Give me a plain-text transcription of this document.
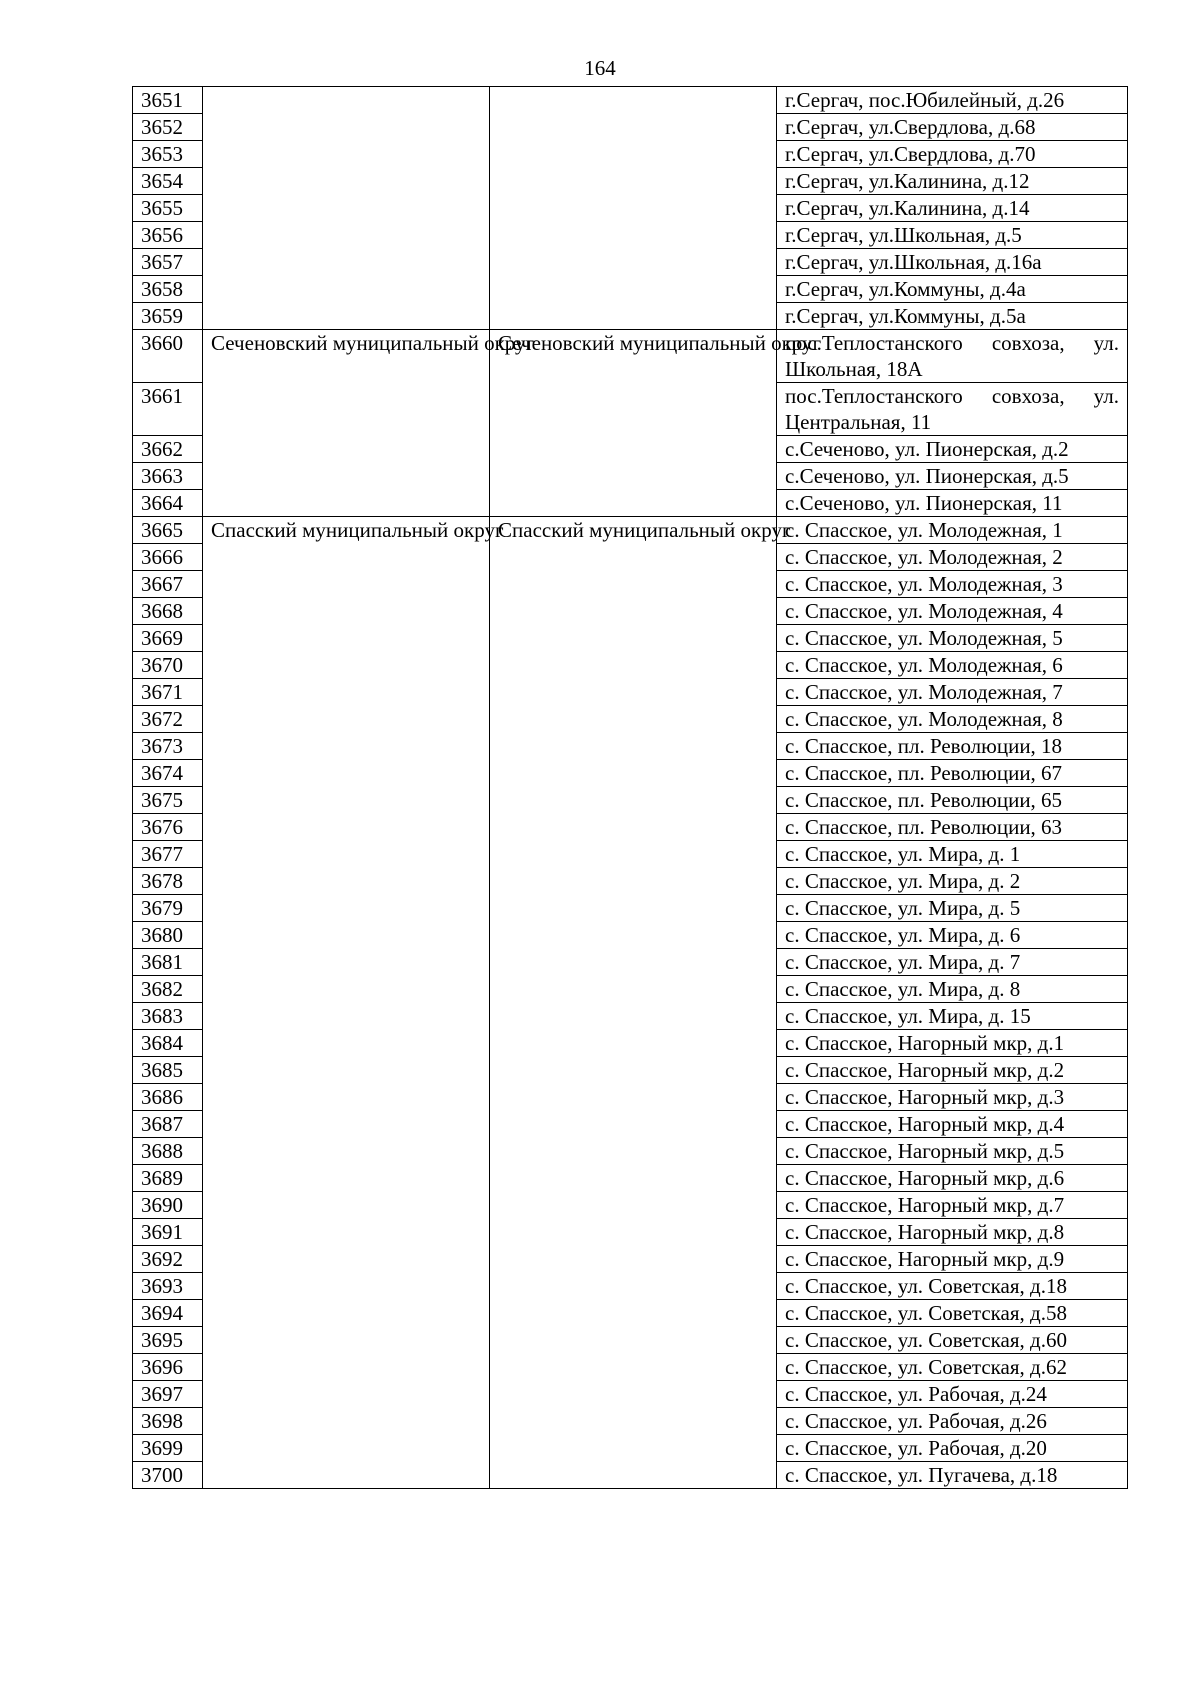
164
3651			г.Сергач, пос.Юбилейный, д.26
3652			г.Сергач, ул.Свердлова, д.68
3653			г.Сергач, ул.Свердлова, д.70
3654			г.Сергач, ул.Калинина, д.12
3655			г.Сергач, ул.Калинина, д.14
3656			г.Сергач, ул.Школьная, д.5
3657			г.Сергач, ул.Школьная, д.16а
3658			г.Сергач, ул.Коммуны, д.4а
3659			г.Сергач, ул.Коммуны, д.5а
3660	Сеченовский муниципальный округ	Сеченовский муниципальный округ	пос.Теплостанского совхоза, ул. Школьная, 18А
3661			пос.Теплостанского совхоза, ул. Центральная, 11
3662			с.Сеченово, ул. Пионерская, д.2
3663			с.Сеченово, ул. Пионерская, д.5
3664			с.Сеченово, ул. Пионерская, 11
3665	Спасский муниципальный округ	Спасский муниципальный округ	с. Спасское, ул. Молодежная, 1
3666			с. Спасское, ул. Молодежная, 2
3667			с. Спасское, ул. Молодежная, 3
3668			с. Спасское, ул. Молодежная, 4
3669			с. Спасское, ул. Молодежная, 5
3670			с. Спасское, ул. Молодежная, 6
3671			с. Спасское, ул. Молодежная, 7
3672			с. Спасское, ул. Молодежная, 8
3673			с. Спасское, пл. Революции, 18
3674			с. Спасское, пл. Революции, 67
3675			с. Спасское, пл. Революции, 65
3676			с. Спасское, пл. Революции, 63
3677			с. Спасское, ул. Мира, д. 1
3678			с. Спасское, ул. Мира, д. 2
3679			с. Спасское, ул. Мира, д. 5
3680			с. Спасское, ул. Мира, д. 6
3681			с. Спасское, ул. Мира, д. 7
3682			с. Спасское, ул. Мира, д. 8
3683			с. Спасское, ул. Мира, д. 15
3684			с. Спасское, Нагорный мкр, д.1
3685			с. Спасское, Нагорный мкр, д.2
3686			с. Спасское, Нагорный мкр, д.3
3687			с. Спасское, Нагорный мкр, д.4
3688			с. Спасское, Нагорный мкр, д.5
3689			с. Спасское, Нагорный мкр, д.6
3690			с. Спасское, Нагорный мкр, д.7
3691			с. Спасское, Нагорный мкр, д.8
3692			с. Спасское, Нагорный мкр, д.9
3693			с. Спасское, ул. Советская, д.18
3694			с. Спасское, ул. Советская, д.58
3695			с. Спасское, ул. Советская, д.60
3696			с. Спасское, ул. Советская, д.62
3697			с. Спасское, ул. Рабочая, д.24
3698			с. Спасское, ул. Рабочая, д.26
3699			с. Спасское, ул. Рабочая, д.20
3700			с. Спасское, ул. Пугачева, д.18
